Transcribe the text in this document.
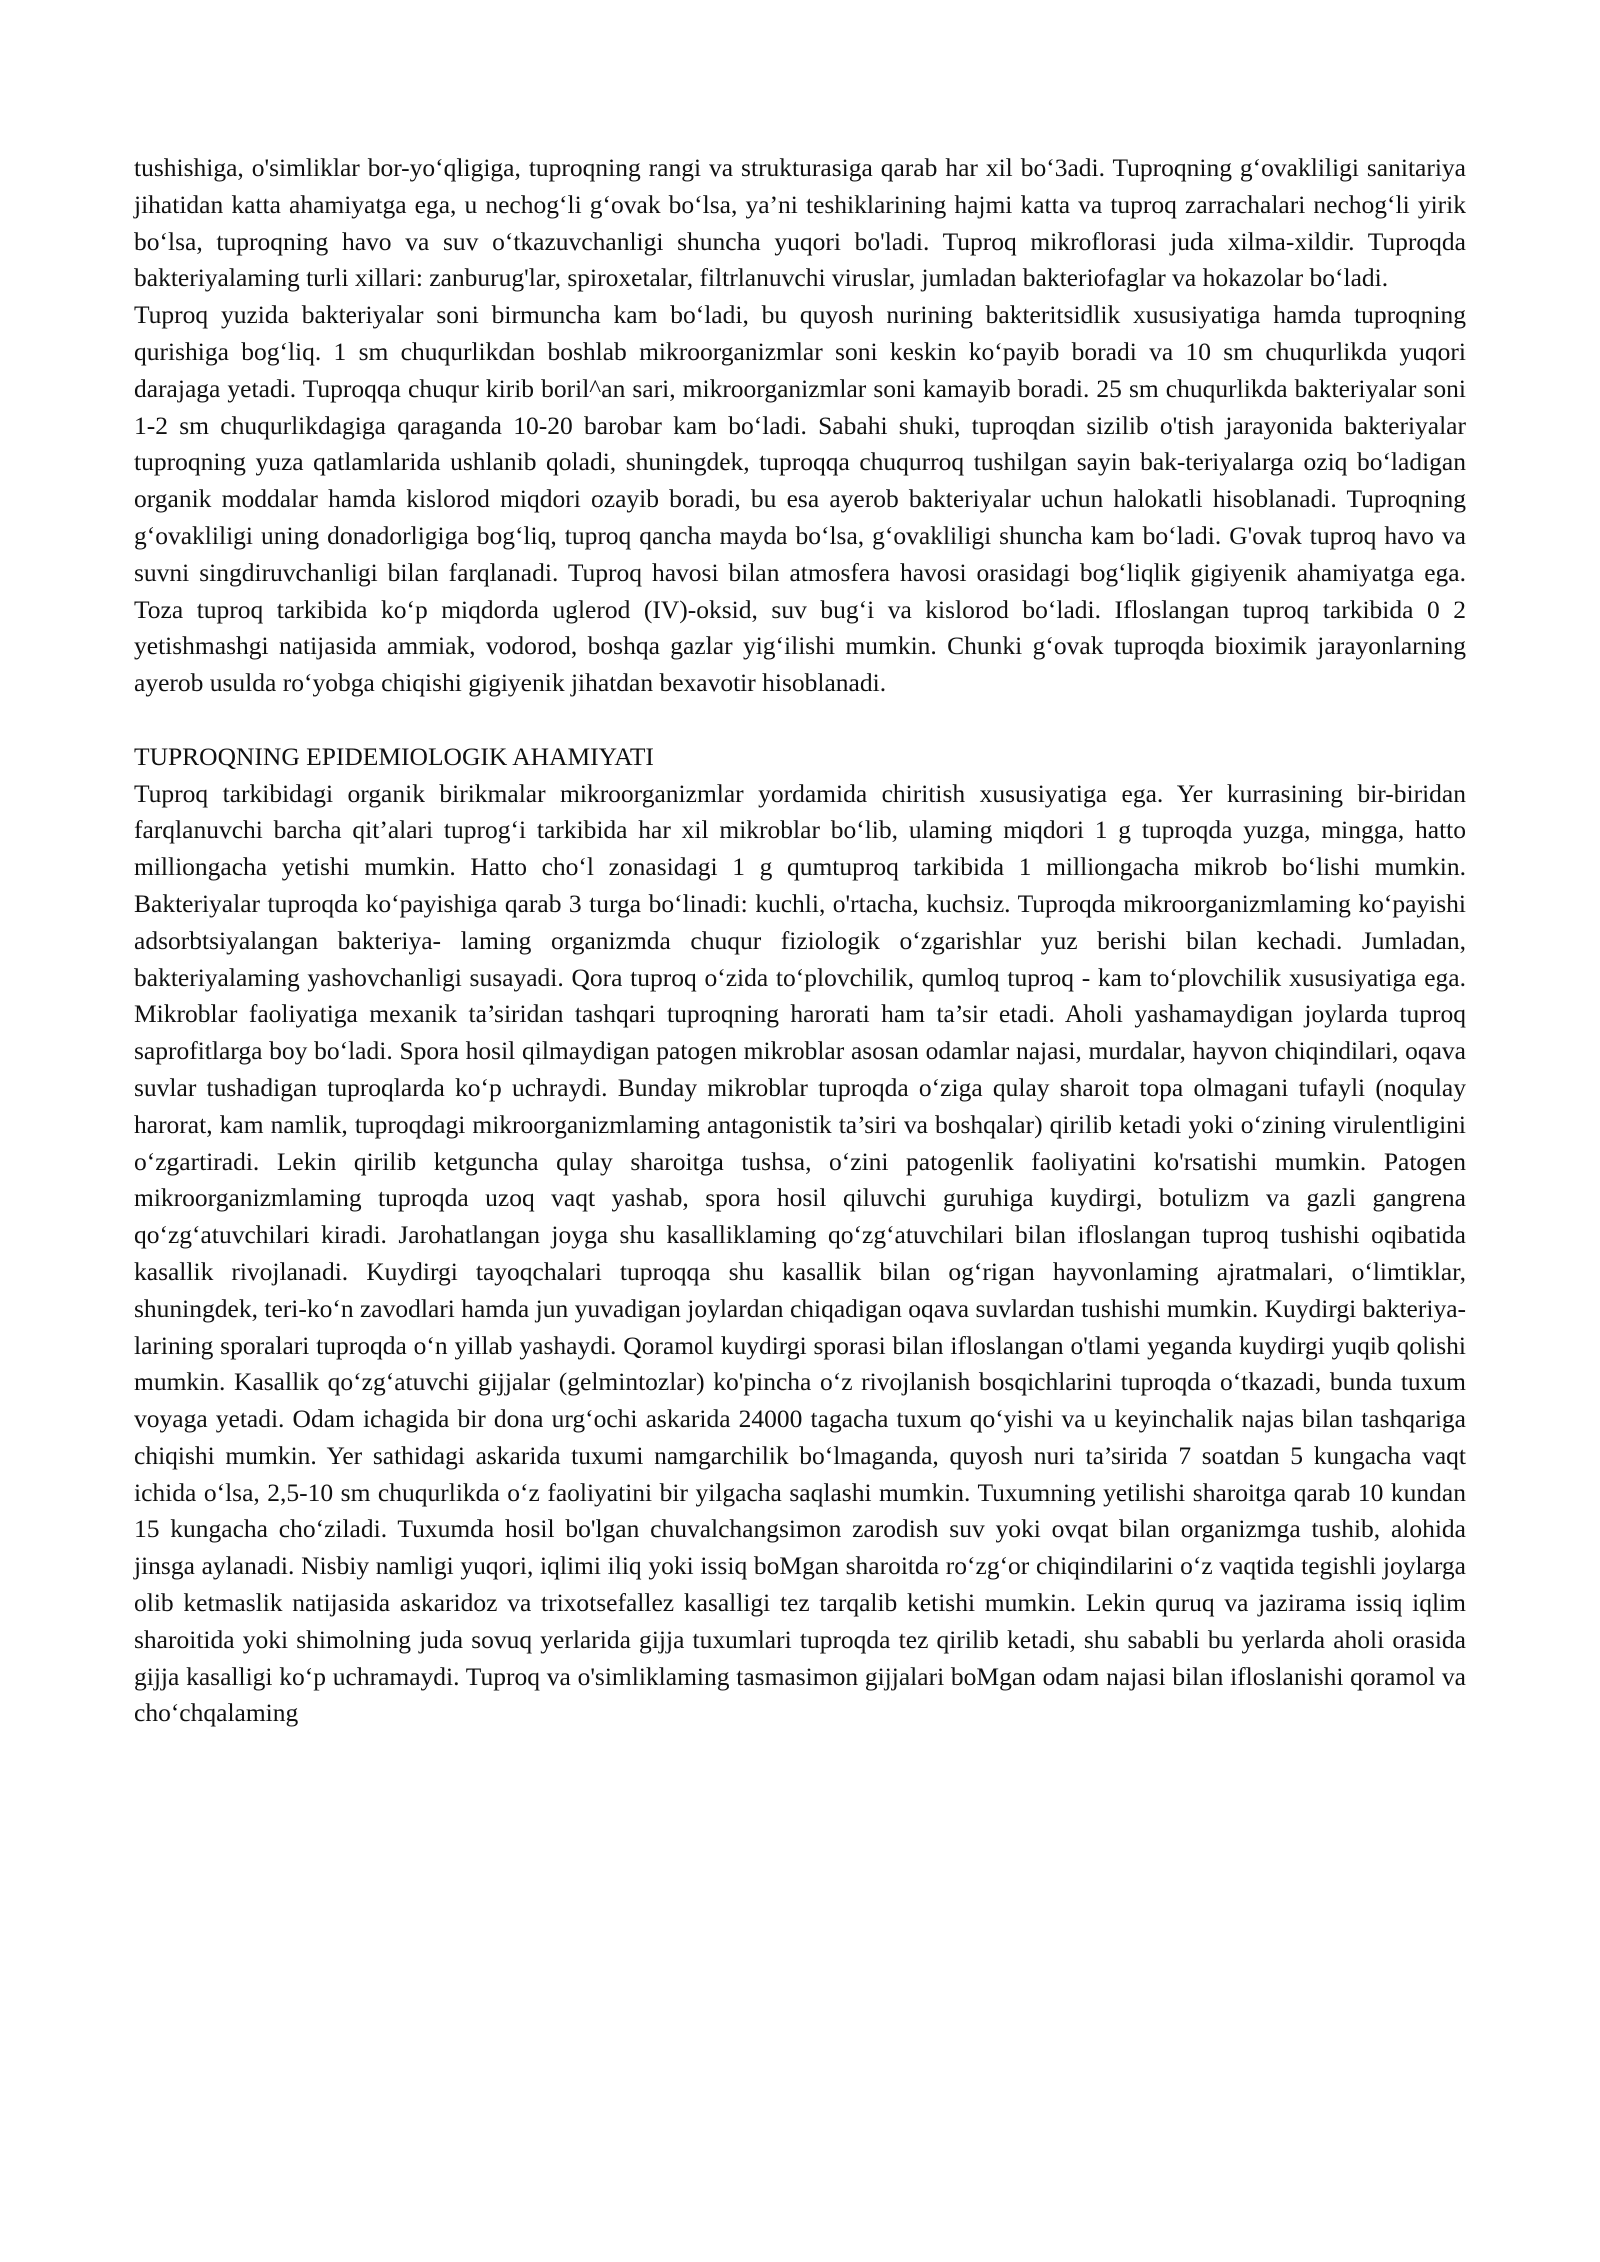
tushishiga, o'simliklar bor-yo‘qligiga, tuproqning rangi va strukturasiga qarab har xil bo‘3adi. Tuproqning g‘ovakliligi sanitariya jihatidan katta ahamiyatga ega, u nechog‘li g‘ovak bo‘lsa, ya’ni teshiklarining hajmi katta va tuproq zarrachalari nechog‘li yirik bo‘lsa, tuproqning havo va suv o‘tkazuvchanligi shuncha yuqori bo'ladi. Tuproq mikroflorasi juda xilma-xildir. Tuproqda bakteriyalaming turli xillari: zanburug'lar, spiroxetalar, filtrlanuvchi viruslar, jumladan bakteriofaglar va hokazolar bo‘ladi.

Tuproq yuzida bakteriyalar soni birmuncha kam bo‘ladi, bu quyosh nurining bakteritsidlik xususiyatiga hamda tuproqning qurishiga bog‘liq. 1 sm chuqurlikdan boshlab mikroorganizmlar soni keskin ko‘payib boradi va 10 sm chuqurlikda yuqori darajaga yetadi. Tuproqqa chuqur kirib boril^an sari, mikroorganizmlar soni kamayib boradi. 25 sm chuqurlikda bakteriyalar soni 1-2 sm chuqurlikdagiga qaraganda 10-20 barobar kam bo‘ladi. Sabahi shuki, tuproqdan sizilib o'tish jarayonida bakteriyalar tuproqning yuza qatlamlarida ushlanib qoladi, shuningdek, tuproqqa chuqurroq tushilgan sayin bak-teriyalarga oziq bo‘ladigan organik moddalar hamda kislorod miqdori ozayib boradi, bu esa ayerob bakteriyalar uchun halokatli hisoblanadi. Tuproqning g‘ovakliligi uning donadorligiga bog‘liq, tuproq qancha mayda bo‘lsa, g‘ovakliligi shuncha kam bo‘ladi. G'ovak tuproq havo va suvni singdiruvchanligi bilan farqlanadi. Tuproq havosi bilan atmosfera havosi orasidagi bog‘liqlik gigiyenik ahamiyatga ega. Toza tuproq tarkibida ko‘p miqdorda uglerod (IV)-oksid, suv bug‘i va kislorod bo‘ladi. Ifloslangan tuproq tarkibida 0 2 yetishmashgi natijasida ammiak, vodorod, boshqa gazlar yig‘ilishi mumkin. Chunki g‘ovak tuproqda bioximik jarayonlarning ayerob usulda ro‘yobga chiqishi gigiyenik jihatdan bexavotir hisoblanadi.

TUPROQNING EPIDEMIOLOGIK AHAMIYATI

Tuproq tarkibidagi organik birikmalar mikroorganizmlar yordamida chiritish xususiyatiga ega. Yer kurrasining bir-biridan farqlanuvchi barcha qit’alari tuprog‘i tarkibida har xil mikroblar bo‘lib, ulaming miqdori 1 g tuproqda yuzga, mingga, hatto milliongacha yetishi mumkin. Hatto cho‘l zonasidagi 1 g qumtuproq tarkibida 1 milliongacha mikrob bo‘lishi mumkin. Bakteriyalar tuproqda ko‘payishiga qarab 3 turga bo‘linadi: kuchli, o'rtacha, kuchsiz. Tuproqda mikroorganizmlaming ko‘payishi adsorbtsiyalangan bakteriya- laming organizmda chuqur fiziologik o‘zgarishlar yuz berishi bilan kechadi. Jumladan, bakteriyalaming yashovchanligi susayadi. Qora tuproq o‘zida to‘plovchilik, qumloq tuproq - kam to‘plovchilik xususiyatiga ega. Mikroblar faoliyatiga mexanik ta’siridan tashqari tuproqning harorati ham ta’sir etadi. Aholi yashamaydigan joylarda tuproq saprofitlarga boy bo‘ladi. Spora hosil qilmaydigan patogen mikroblar asosan odamlar najasi, murdalar, hayvon chiqindilari, oqava suvlar tushadigan tuproqlarda ko‘p uchraydi. Bunday mikroblar tuproqda o‘ziga qulay sharoit topa olmagani tufayli (noqulay harorat, kam namlik, tuproqdagi mikroorganizmlaming antagonistik ta’siri va boshqalar) qirilib ketadi yoki o‘zining virulentligini o‘zgartiradi. Lekin qirilib ketguncha qulay sharoitga tushsa, o‘zini patogenlik faoliyatini ko'rsatishi mumkin. Patogen mikroorganizmlaming tuproqda uzoq vaqt yashab, spora hosil qiluvchi guruhiga kuydirgi, botulizm va gazli gangrena qo‘zg‘atuvchilari kiradi. Jarohatlangan joyga shu kasalliklaming qo‘zg‘atuvchilari bilan ifloslangan tuproq tushishi oqibatida kasallik rivojlanadi. Kuydirgi tayoqchalari tuproqqa shu kasallik bilan og‘rigan hayvonlaming ajratmalari, o‘limtiklar, shuningdek, teri-ko‘n zavodlari hamda jun yuvadigan joylardan chiqadigan oqava suvlardan tushishi mumkin. Kuydirgi bakteriya- larining sporalari tuproqda o‘n yillab yashaydi. Qoramol kuydirgi sporasi bilan ifloslangan o'tlami yeganda kuydirgi yuqib qolishi mumkin. Kasallik qo‘zg‘atuvchi gijjalar (gelmintozlar) ko'pincha o‘z rivojlanish bosqichlarini tuproqda o‘tkazadi, bunda tuxum voyaga yetadi. Odam ichagida bir dona urg‘ochi askarida 24000 tagacha tuxum qo‘yishi va u keyinchalik najas bilan tashqariga chiqishi mumkin. Yer sathidagi askarida tuxumi namgarchilik bo‘lmaganda, quyosh nuri ta’sirida 7 soatdan 5 kungacha vaqt ichida o‘lsa, 2,5-10 sm chuqurlikda o‘z faoliyatini bir yilgacha saqlashi mumkin. Tuxumning yetilishi sharoitga qarab 10 kundan 15 kungacha cho‘ziladi. Tuxumda hosil bo'lgan chuvalchangsimon zarodish suv yoki ovqat bilan organizmga tushib, alohida jinsga aylanadi. Nisbiy namligi yuqori, iqlimi iliq yoki issiq boMgan sharoitda ro‘zg‘or chiqindilarini o‘z vaqtida tegishli joylarga olib ketmaslik natijasida askaridoz va trixotsefallez kasalligi tez tarqalib ketishi mumkin. Lekin quruq va jazirama issiq iqlim sharoitida yoki shimolning juda sovuq yerlarida gijja tuxumlari tuproqda tez qirilib ketadi, shu sababli bu yerlarda aholi orasida gijja kasalligi ko‘p uchramaydi. Tuproq va o'simliklaming tasmasimon gijjalari boMgan odam najasi bilan ifloslanishi qoramol va cho‘chqalaming
